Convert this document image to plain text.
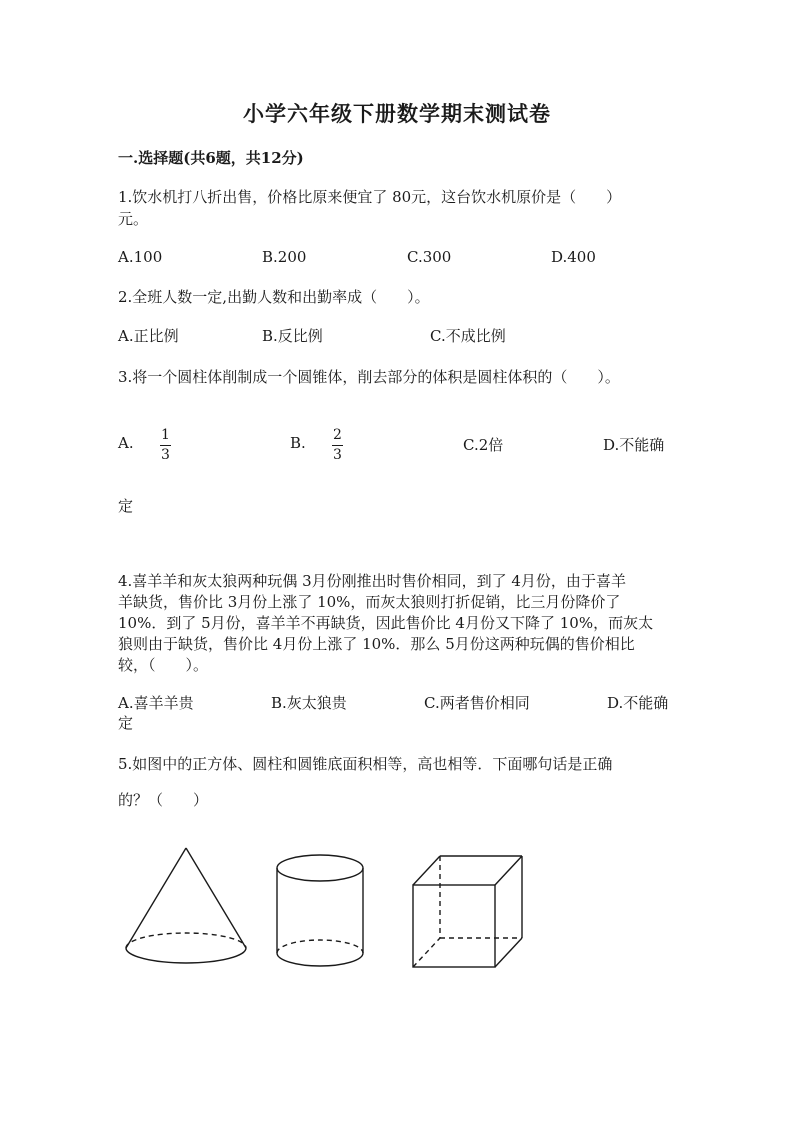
小学六年级下册数学期末测试卷
一.选择题(共6题，共12分)
1.饮水机打八折出售，价格比原来便宜了 80元，这台饮水机原价是（　　）
元。
A.100	B.200	C.300	D.400
2.全班人数一定,出勤人数和出勤率成（　　）。
A.正比例	B.反比例	C.不成比例
3.将一个圆柱体削制成一个圆锥体，削去部分的体积是圆柱体积的（　　）。
A. 1
3
B. 2
3
C.2倍	D.不能确
定
4.喜羊羊和灰太狼两种玩偶 3月份刚推出时售价相同，到了 4月份，由于喜羊
羊缺货，售价比 3月份上涨了 10%，而灰太狼则打折促销，比三月份降价了
10%．到了 5月份，喜羊羊不再缺货，因此售价比 4月份又下降了 10%，而灰太
狼则由于缺货，售价比 4月份上涨了 10%．那么 5月份这两种玩偶的售价相比
较，（　　）。
A.喜羊羊贵	B.灰太狼贵	C.两者售价相同	D.不能确
定
5.如图中的正方体、圆柱和圆锥底面积相等，高也相等．下面哪句话是正确
的？（　　）
